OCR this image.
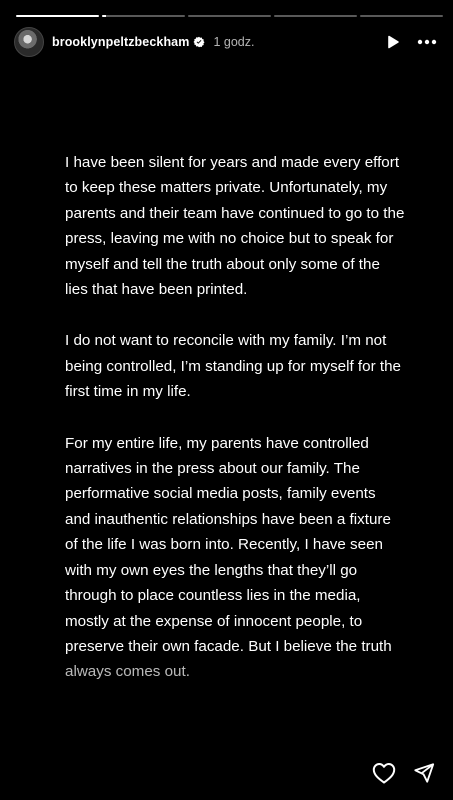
brooklynpeltzbeckham 1 godz.

I have been silent for years and made every effort to keep these matters private. Unfortunately, my parents and their team have continued to go to the press, leaving me with no choice but to speak for myself and tell the truth about only some of the lies that have been printed.

I do not want to reconcile with my family. I’m not being controlled, I’m standing up for myself for the first time in my life.

For my entire life, my parents have controlled narratives in the press about our family. The performative social media posts, family events and inauthentic relationships have been a fixture of the life I was born into. Recently, I have seen with my own eyes the lengths that they’ll go through to place countless lies in the media, mostly at the expense of innocent people, to preserve their own facade. But I believe the truth
always comes out.
